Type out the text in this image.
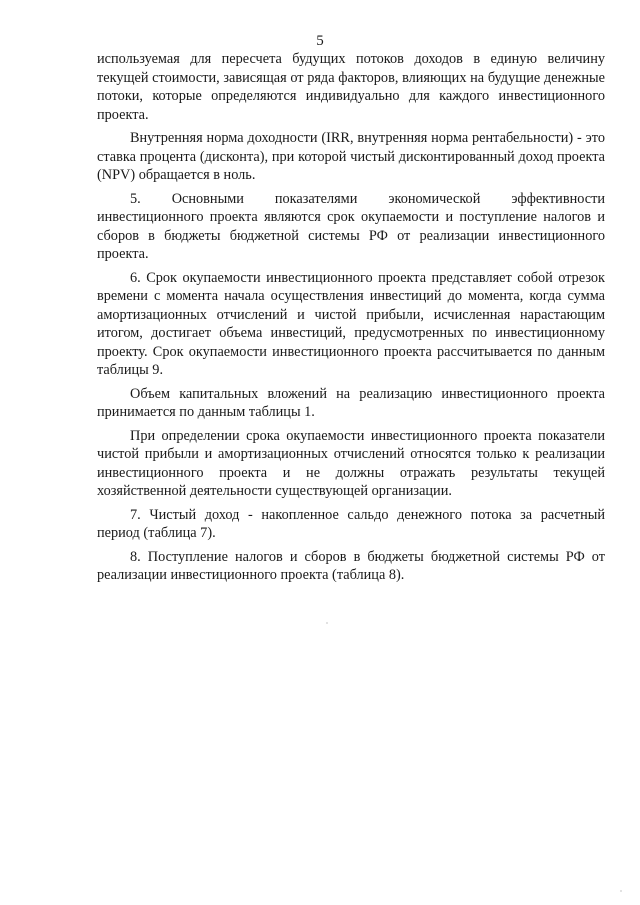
5

используемая для пересчета будущих потоков доходов в единую величину текущей стоимости, зависящая от ряда факторов, влияющих на будущие денежные потоки, которые определяются индивидуально для каждого инвестиционного проекта.

Внутренняя норма доходности (IRR, внутренняя норма рентабельности) - это ставка процента (дисконта), при которой чистый дисконтированный доход проекта (NPV) обращается в ноль.

5. Основными показателями экономической эффективности инвестиционного проекта являются срок окупаемости и поступление налогов и сборов в бюджеты бюджетной системы РФ от реализации инвестиционного проекта.

6. Срок окупаемости инвестиционного проекта представляет собой отрезок времени с момента начала осуществления инвестиций до момента, когда сумма амортизационных отчислений и чистой прибыли, исчисленная нарастающим итогом, достигает объема инвестиций, предусмотренных по инвестиционному проекту. Срок окупаемости инвестиционного проекта рассчитывается по данным таблицы 9.

Объем капитальных вложений на реализацию инвестиционного проекта принимается по данным таблицы 1.

При определении срока окупаемости инвестиционного проекта показатели чистой прибыли и амортизационных отчислений относятся только к реализации инвестиционного проекта и не должны отражать результаты текущей хозяйственной деятельности существующей организации.

7. Чистый доход - накопленное сальдо денежного потока за расчетный период (таблица 7).

8. Поступление налогов и сборов в бюджеты бюджетной системы РФ от реализации инвестиционного проекта (таблица 8).
